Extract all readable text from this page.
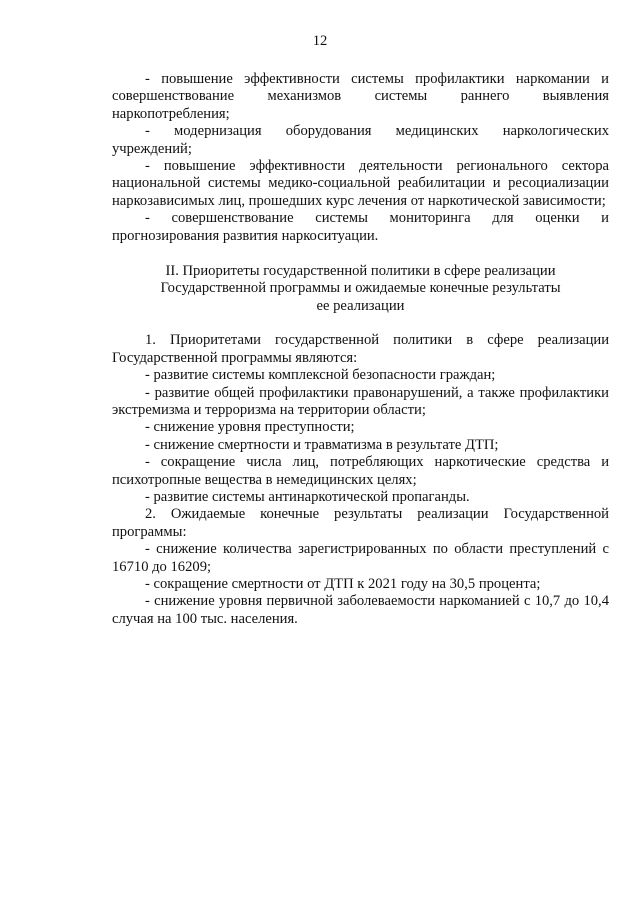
12

- повышение эффективности системы профилактики наркомании и совершенствование механизмов системы раннего выявления наркопотребления;

- модернизация оборудования медицинских наркологических учреждений;

- повышение эффективности деятельности регионального сектора национальной системы медико-социальной реабилитации и ресоциализации наркозависимых лиц, прошедших курс лечения от наркотической зависимости;

- совершенствование системы мониторинга для оценки и прогнозирования развития наркоситуации.

II. Приоритеты государственной политики в сфере реализации

Государственной программы и ожидаемые конечные результаты

ее реализации

1. Приоритетами государственной политики в сфере реализации Государственной программы являются:

- развитие системы комплексной безопасности граждан;

- развитие общей профилактики правонарушений, а также профилактики экстремизма и терроризма на территории области;

- снижение уровня преступности;

- снижение смертности и травматизма в результате ДТП;

- сокращение числа лиц, потребляющих наркотические средства и психотропные вещества в немедицинских целях;

- развитие системы антинаркотической пропаганды.

2. Ожидаемые конечные результаты реализации Государственной программы:

- снижение количества зарегистрированных по области преступлений с 16710 до 16209;

- сокращение смертности от ДТП к 2021 году на 30,5 процента;

- снижение уровня первичной заболеваемости наркоманией с 10,7 до 10,4 случая на 100 тыс. населения.
